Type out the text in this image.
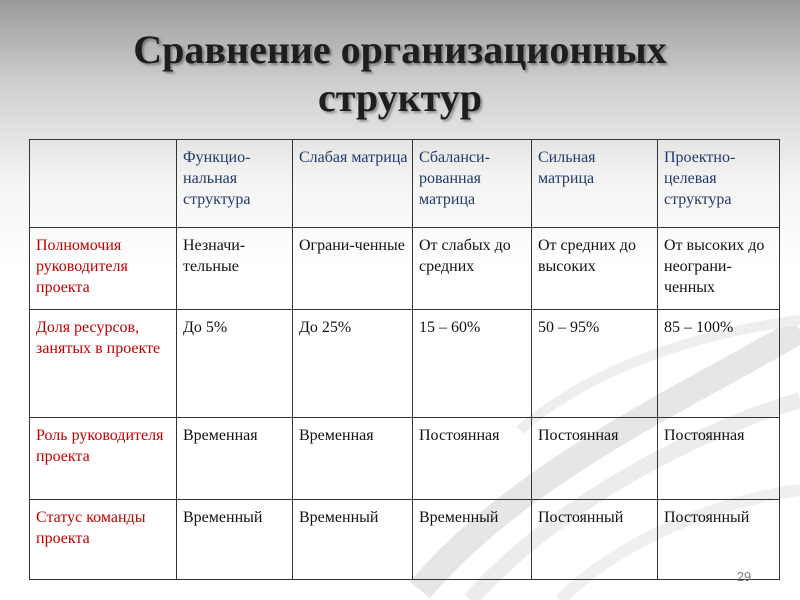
Сравнение организационных
структур
	Функцио-нальная структура	Слабая матрица	Сбаланси-рованная матрица	Сильная матрица	Проектно-целевая структура
Полномочия руководителя проекта	Незначи-тельные	Ограни-ченные	От слабых до средних	От средних до высоких	От высоких до неограни-ченных
Доля ресурсов, занятых в проекте	До 5%	До 25%	15 – 60%	50 – 95%	85 – 100%
Роль руководителя проекта	Временная	Временная	Постоянная	Постоянная	Постоянная
Статус команды проекта	Временный	Временный	Временный	Постоянный	Постоянный
29
